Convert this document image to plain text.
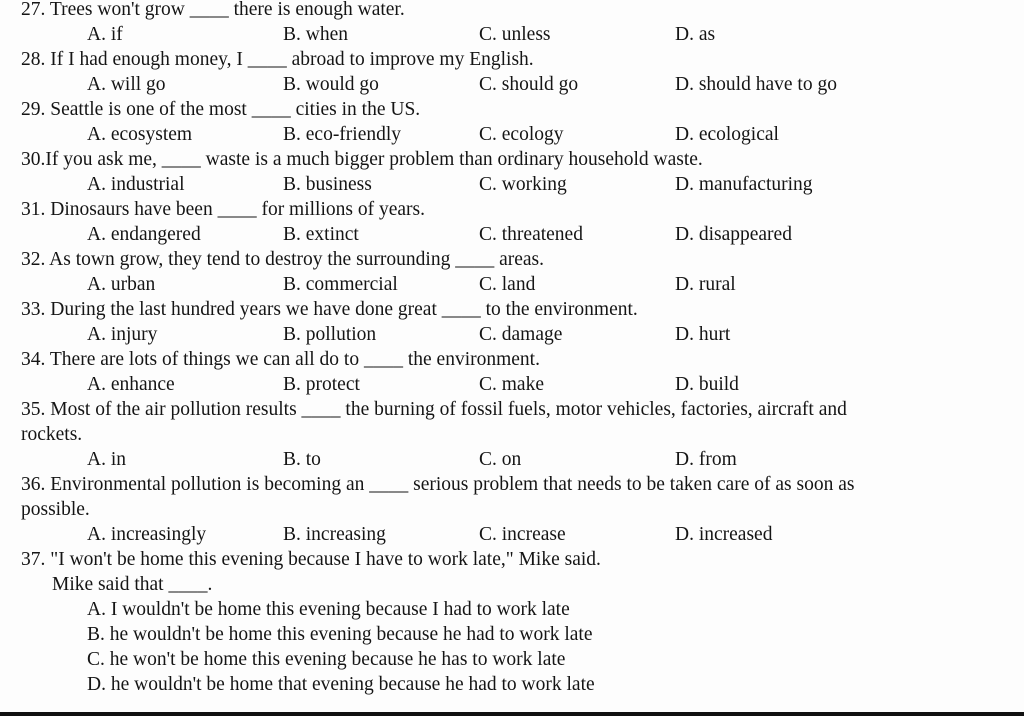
27. Trees won't grow ____ there is enough water.
A. if	B. when	C. unless	D. as
28. If I had enough money, I ____ abroad to improve my English.
A. will go	B. would go	C. should go	D. should have to go
29. Seattle is one of the most ____ cities in the US.
A. ecosystem	B. eco-friendly	C. ecology	D. ecological
30.If you ask me, ____ waste is a much bigger problem than ordinary household waste.
A. industrial	B. business	C. working	D. manufacturing
31. Dinosaurs have been ____ for millions of years.
A. endangered	B. extinct	C. threatened	D. disappeared
32. As town grow, they tend to destroy the surrounding ____ areas.
A. urban	B. commercial	C. land	D. rural
33. During the last hundred years we have done great ____ to the environment.
A. injury	B. pollution	C. damage	D. hurt
34. There are lots of things we can all do to ____ the environment.
A. enhance	B. protect	C. make	D. build
35. Most of the air pollution results ____ the burning of fossil fuels, motor vehicles, factories, aircraft and
rockets.
A. in	B. to	C. on	D. from
36. Environmental pollution is becoming an ____ serious problem that needs to be taken care of as soon as
possible.
A. increasingly	B. increasing	C. increase	D. increased
37. "I won't be home this evening because I have to work late," Mike said.
Mike said that ____.
A. I wouldn't be home this evening because I had to work late
B. he wouldn't be home this evening because he had to work late
C. he won't be home this evening because he has to work late
D. he wouldn't be home that evening because he had to work late
